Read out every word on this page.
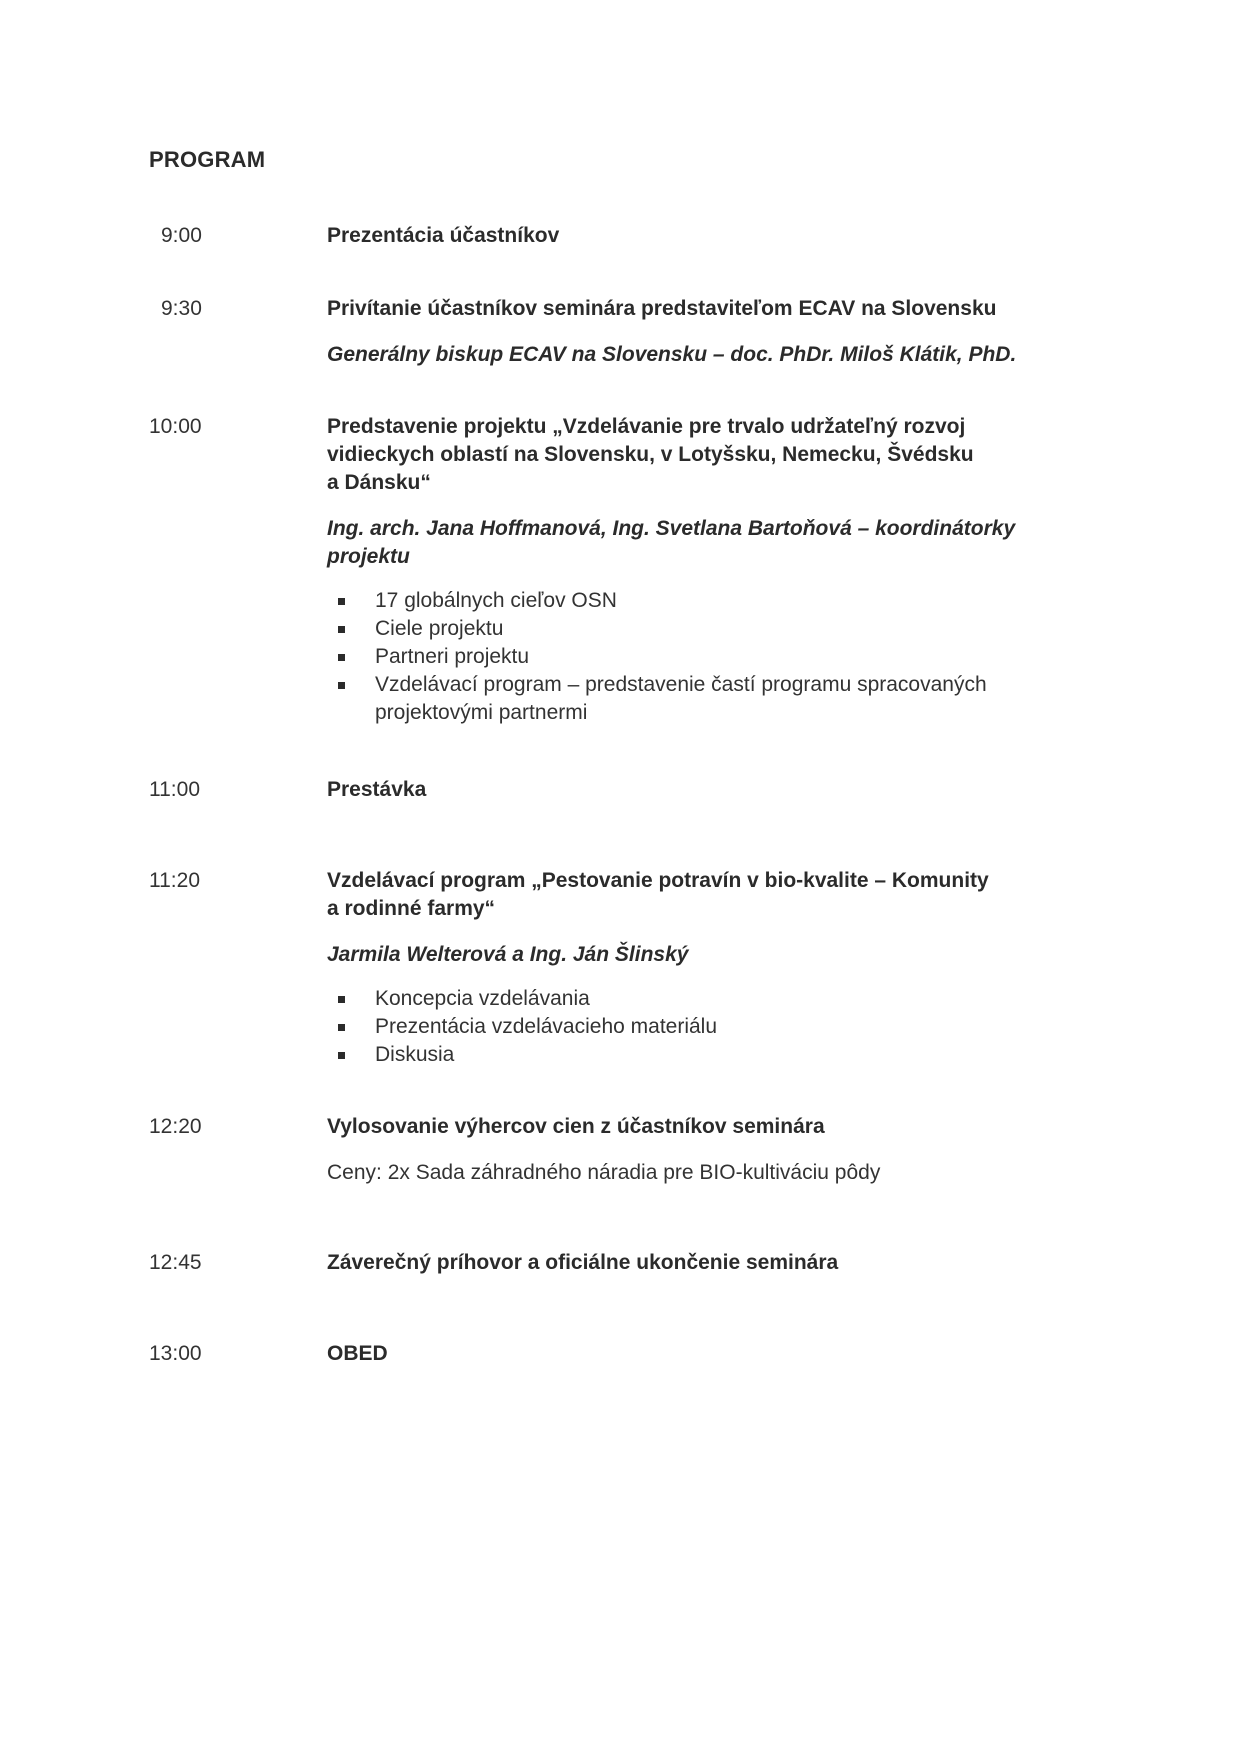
PROGRAM
9:00	Prezentácia účastníkov

9:30	Privítanie účastníkov seminára predstaviteľom ECAV na Slovensku

Generálny biskup ECAV na Slovensku – doc. PhDr. Miloš Klátik, PhD.

10:00	Predstavenie projektu „Vzdelávanie pre trvalo udržateľný rozvoj
vidieckych oblastí na Slovensku, v Lotyšsku, Nemecku, Švédsku
a Dánsku“

Ing. arch. Jana Hoffmanová, Ing. Svetlana Bartoňová – koordinátorky
projektu

17 globálnych cieľov OSN
Ciele projektu
Partneri projektu
Vzdelávací program – predstavenie častí programu spracovaných
projektovými partnermi
11:00	Prestávka

11:20	Vzdelávací program „Pestovanie potravín v bio-kvalite – Komunity
a rodinné farmy“

Jarmila Welterová a Ing. Ján Šlinský

Koncepcia vzdelávania
Prezentácia vzdelávacieho materiálu
Diskusia
12:20	Vylosovanie výhercov cien z účastníkov seminára

Ceny: 2x Sada záhradného náradia pre BIO-kultiváciu pôdy

12:45	Záverečný príhovor a oficiálne ukončenie seminára

13:00	OBED
